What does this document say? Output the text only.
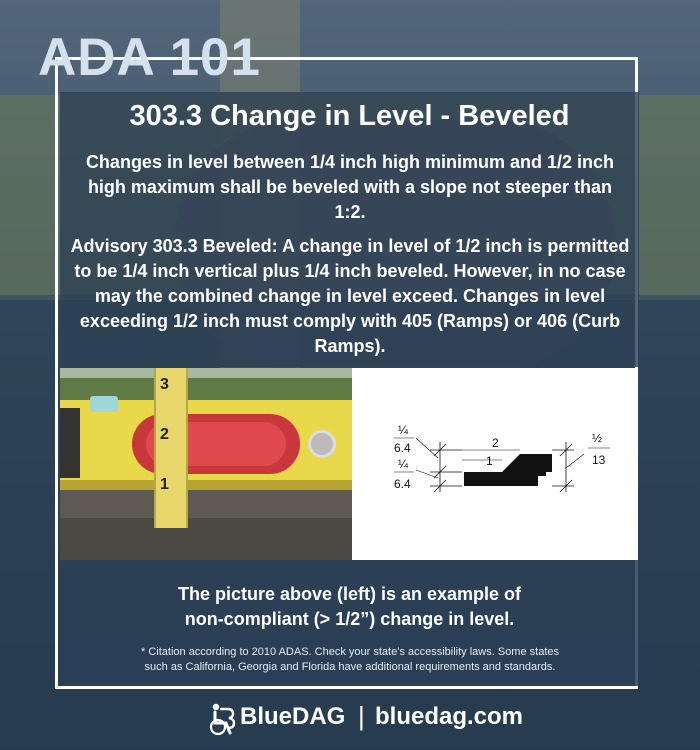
ADA 101
303.3 Change in Level - Beveled

Changes in level between 1/4 inch high minimum and 1/2 inch high maximum shall be beveled with a slope not steeper than 1:2.

Advisory 303.3 Beveled: A change in level of 1/2 inch is permitted to be 1/4 inch vertical plus 1/4 inch beveled. However, in no case may the combined change in level exceed. Changes in level exceeding 1/2 inch must comply with 405 (Ramps) or 406 (Curb Ramps).

3
2
1
¼
6.4
¼
6.4
2
1
½
13

The picture above (left) is an example of
non-compliant (> 1/2”) change in level.

* Citation according to 2010 ADAS. Check your state’s accessibility laws. Some states
such as California, Georgia and Florida have additional requirements and standards.

BlueDAG | bluedag.com
